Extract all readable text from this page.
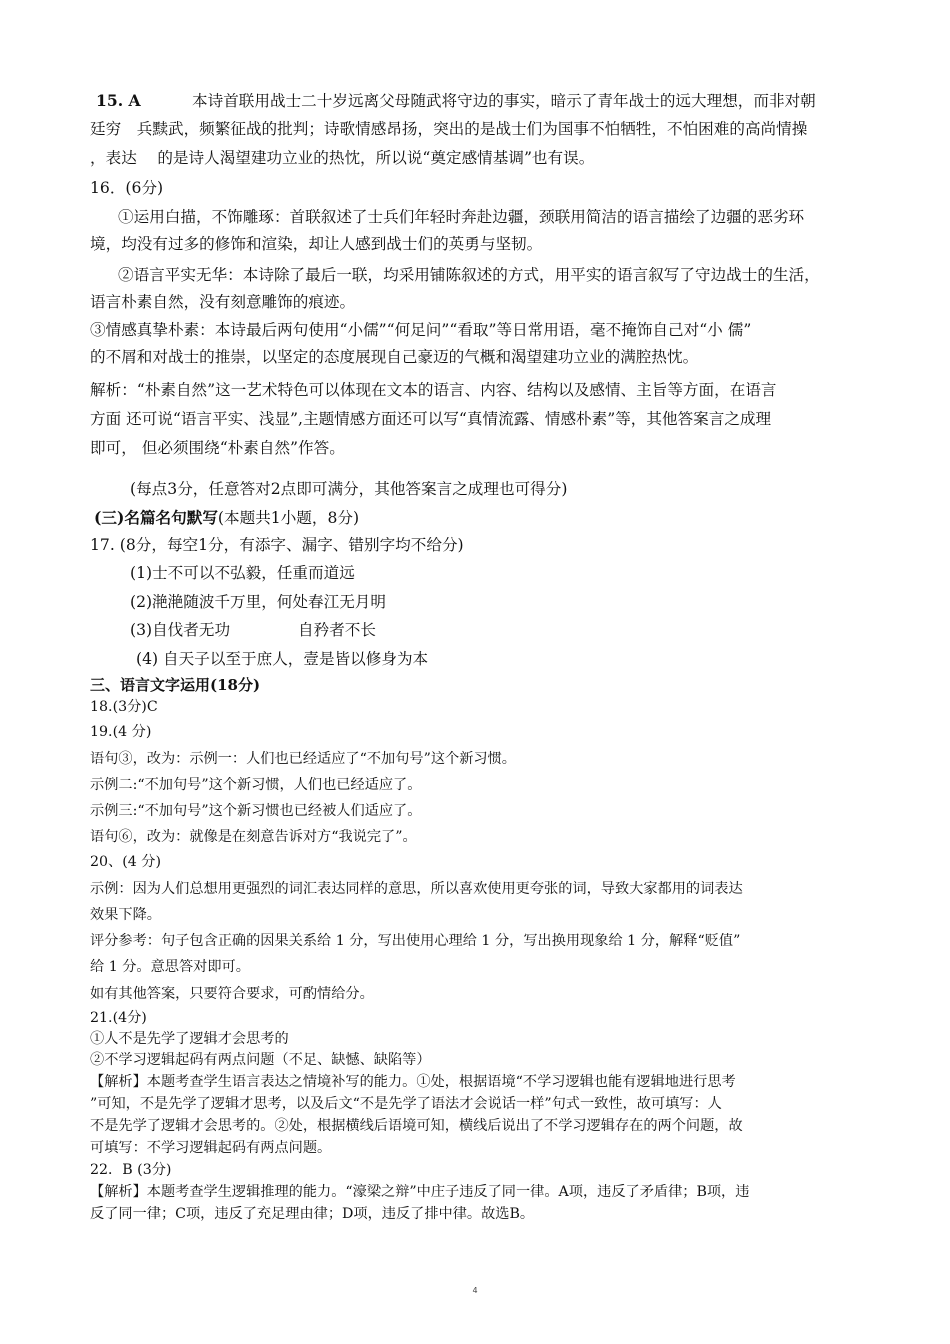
15. A	本诗首联用战士二十岁远离父母随武将守边的事实，暗示了青年战士的远大理想，而非对朝
廷穷　兵黩武，频繁征战的批判；诗歌情感昂扬，突出的是战士们为国事不怕牺牲，不怕困难的高尚情操
，表达　 的是诗人渴望建功立业的热忱，所以说“奠定感情基调”也有误。
16．(6分)
①运用白描，不饰雕琢：首联叙述了士兵们年轻时奔赴边疆，颈联用简洁的语言描绘了边疆的恶劣环
境，均没有过多的修饰和渲染，却让人感到战士们的英勇与坚韧。
②语言平实无华：本诗除了最后一联，均采用铺陈叙述的方式，用平实的语言叙写了守边战士的生活，
语言朴素自然，没有刻意雕饰的痕迹。
③情感真挚朴素：本诗最后两句使用“小儒”“何足问”“看取”等日常用语，毫不掩饰自己对“小 儒”
的不屑和对战士的推崇，以坚定的态度展现自己豪迈的气概和渴望建功立业的满腔热忱。
解析：“朴素自然”这一艺术特色可以体现在文本的语言、内容、结构以及感情、主旨等方面，在语言
方面 还可说“语言平实、浅显”,主题情感方面还可以写“真情流露、情感朴素”等，其他答案言之成理
即可， 但必须围绕“朴素自然”作答。
(每点3分，任意答对2点即可满分，其他答案言之成理也可得分)
(三)名篇名句默写(本题共1小题，8分)
17. (8分，每空1分，有添字、漏字、错别字均不给分)
(1)士不可以不弘毅，任重而道远
(2)滟滟随波千万里，何处春江无月明
(3)自伐者无功	自矜者不长
(4) 自天子以至于庶人，壹是皆以修身为本
三、语言文字运用(18分)
18.(3分)C
19.(4 分)
语句③，改为：示例一：人们也已经适应了“不加句号”这个新习惯。
示例二:“不加句号”这个新习惯，人们也已经适应了。
示例三:“不加句号”这个新习惯也已经被人们适应了。
语句⑥，改为：就像是在刻意告诉对方“我说完了”。
20、(4 分)
示例：因为人们总想用更强烈的词汇表达同样的意思，所以喜欢使用更夸张的词，导致大家都用的词表达
效果下降。
评分参考：句子包含正确的因果关系给 1 分，写出使用心理给 1 分，写出换用现象给 1 分，解释“贬值”
给 1 分。意思答对即可。
如有其他答案，只要符合要求，可酌情给分。
21.(4分)
①人不是先学了逻辑才会思考的
②不学习逻辑起码有两点问题（不足、缺憾、缺陷等）
【解析】本题考查学生语言表达之情境补写的能力。①处，根据语境“不学习逻辑也能有逻辑地进行思考
”可知，不是先学了逻辑才思考，以及后文“不是先学了语法才会说话一样”句式一致性，故可填写：人
不是先学了逻辑才会思考的。②处，根据横线后语境可知，横线后说出了不学习逻辑存在的两个问题，故
可填写：不学习逻辑起码有两点问题。
22．B (3分)
【解析】本题考查学生逻辑推理的能力。“濠梁之辩”中庄子违反了同一律。A项，违反了矛盾律；B项，违
反了同一律；C项，违反了充足理由律；D项，违反了排中律。故选B。
4
